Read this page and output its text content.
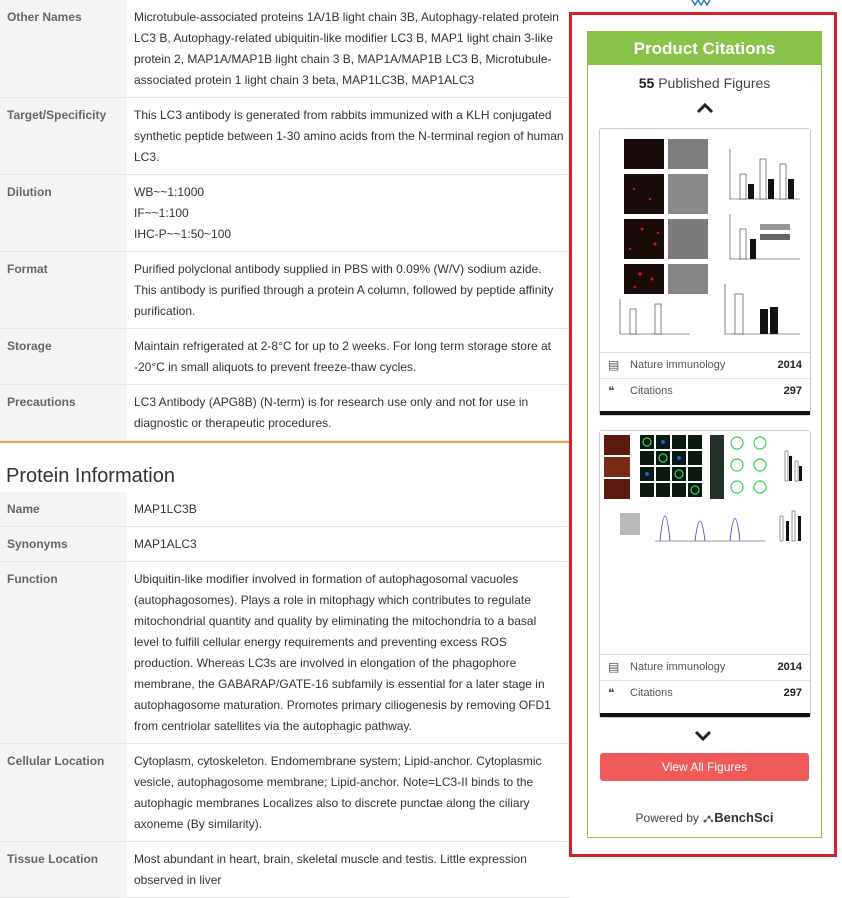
Other Names	Microtubule-associated proteins 1A/1B light chain 3B, Autophagy-related protein LC3 B, Autophagy-related ubiquitin-like modifier LC3 B, MAP1 light chain 3-like protein 2, MAP1A/MAP1B light chain 3 B, MAP1A/MAP1B LC3 B, Microtubule-associated protein 1 light chain 3 beta, MAP1LC3B, MAP1ALC3
Target/Specificity	This LC3 antibody is generated from rabbits immunized with a KLH conjugated synthetic peptide between 1-30 amino acids from the N-terminal region of human LC3.
Dilution	WB~~1:1000
IF~~1:100
IHC-P~~1:50~100
Format	Purified polyclonal antibody supplied in PBS with 0.09% (W/V) sodium azide. This antibody is purified through a protein A column, followed by peptide affinity purification.
Storage	Maintain refrigerated at 2-8°C for up to 2 weeks. For long term storage store at -20°C in small aliquots to prevent freeze-thaw cycles.
Precautions	LC3 Antibody (APG8B) (N-term) is for research use only and not for use in diagnostic or therapeutic procedures.
Protein Information
Name	MAP1LC3B
Synonyms	MAP1ALC3
Function	Ubiquitin-like modifier involved in formation of autophagosomal vacuoles (autophagosomes). Plays a role in mitophagy which contributes to regulate mitochondrial quantity and quality by eliminating the mitochondria to a basal level to fulfill cellular energy requirements and preventing excess ROS production. Whereas LC3s are involved in elongation of the phagophore membrane, the GABARAP/GATE-16 subfamily is essential for a later stage in autophagosome maturation. Promotes primary ciliogenesis by removing OFD1 from centriolar satellites via the autophagic pathway.
Cellular Location	Cytoplasm, cytoskeleton. Endomembrane system; Lipid-anchor. Cytoplasmic vesicle, autophagosome membrane; Lipid-anchor. Note=LC3-II binds to the autophagic membranes Localizes also to discrete punctae along the ciliary axoneme (By similarity).
Tissue Location	Most abundant in heart, brain, skeletal muscle and testis. Little expression observed in liver
Product Citations
55 Published Figures
▤ Nature immunology	2014
❝	Citations	297
▤ Nature immunology	2014
❝	Citations	297
View All Figures
Powered by BenchSci
